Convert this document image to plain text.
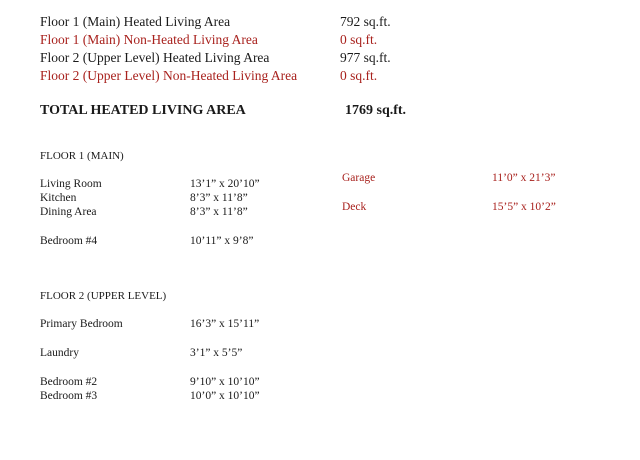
Floor 1 (Main) Heated Living Area	792 sq.ft.
Floor 1 (Main) Non-Heated Living Area	0 sq.ft.
Floor 2 (Upper Level) Heated Living Area	977 sq.ft.
Floor 2 (Upper Level) Non-Heated Living Area	0 sq.ft.
TOTAL HEATED LIVING AREA	1769 sq.ft.
FLOOR 1 (MAIN)
Living Room	13’1” x 20’10”
Kitchen	8’3” x 11’8”
Dining Area	8’3” x 11’8”
Bedroom #4	10’11” x 9’8”
Garage	11’0” x 21’3”
Deck	15’5” x 10’2”
FLOOR 2 (UPPER LEVEL)
Primary Bedroom	16’3” x 15’11”
Laundry	3’1” x 5’5”
Bedroom #2	9’10” x 10’10”
Bedroom #3	10’0” x 10’10”
